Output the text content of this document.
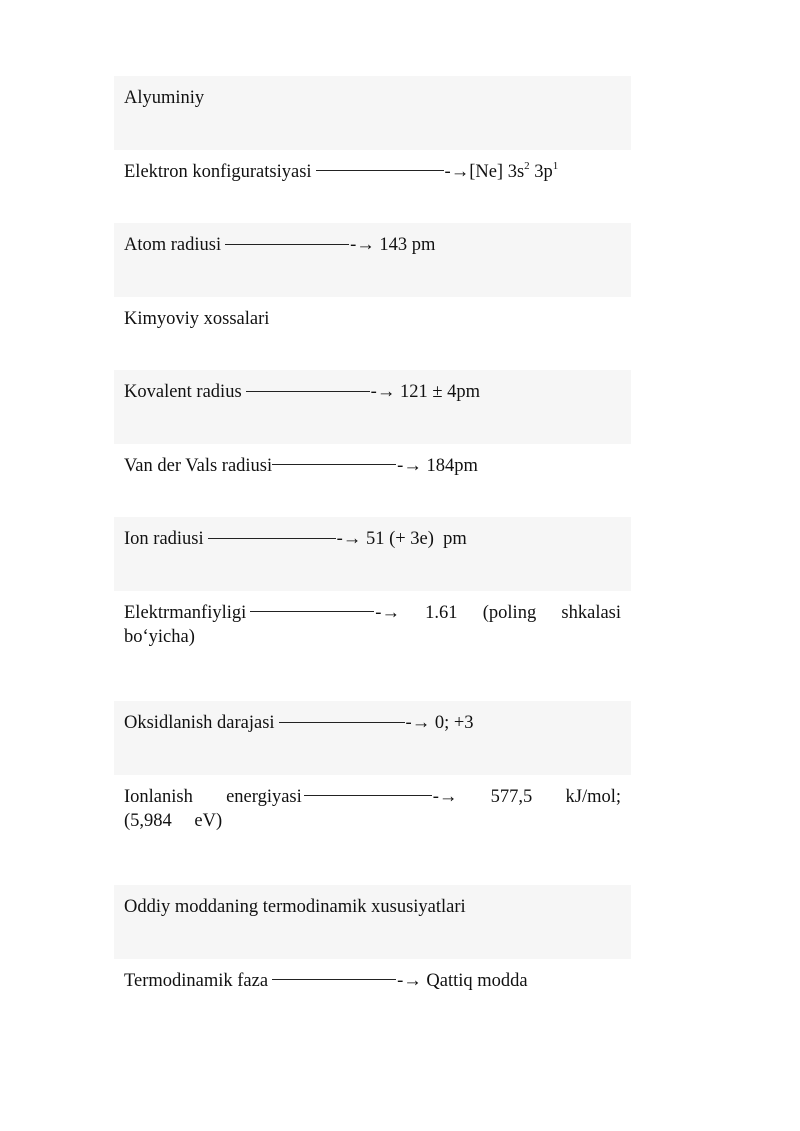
Alyuminiy
Elektron konfiguratsiyasi	-→[Ne] $3s^2$ $3p^1$
Atom radiusi	-→ 143 pm
Kimyoviy xossalari
Kovalent radius	-→ 121 ± 4pm
Van der Vals radiusi	-→ 184pm
Ion radiusi	-→ 51 (+ 3e)  pm
Elektrmanfiyligi	-→ 1.61 (poling shkalasi bo‘yicha)
Oksidlanish darajasi	-→ 0; +3
Ionlanish energiyasi	-→ 577,5 kJ/mol; (5,984 eV)
Oddiy moddaning termodinamik xususiyatlari
Termodinamik faza	-→ Qattiq modda
